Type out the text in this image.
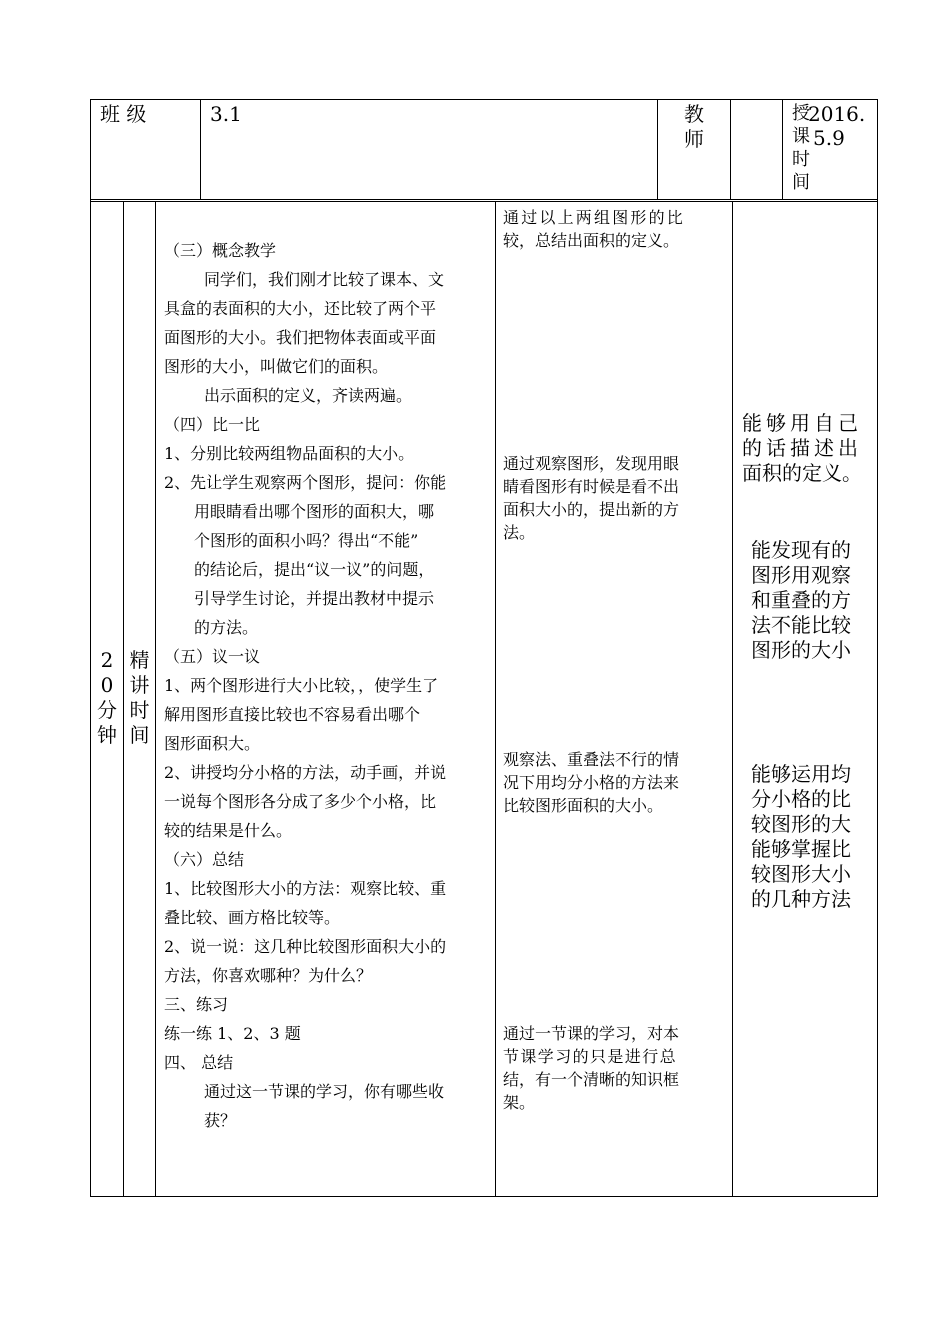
班 级	3.1	教
师
授
课
时
间
2016.
5.9
2
0
分
钟
精
讲
时
间
（三）概念教学
同学们，我们刚才比较了课本、文
具盒的表面积的大小，还比较了两个平
面图形的大小。我们把物体表面或平面
图形的大小，叫做它们的面积。
出示面积的定义，齐读两遍。
（四）比一比
1、分别比较两组物品面积的大小。
2、先让学生观察两个图形，提问：你能
用眼睛看出哪个图形的面积大，哪
个图形的面积小吗？得出“不能”
的结论后，提出“议一议”的问题，
引导学生讨论，并提出教材中提示
的方法。
（五）议一议
1、两个图形进行大小比较，，使学生了
解用图形直接比较也不容易看出哪个
图形面积大。
2、讲授均分小格的方法，动手画，并说
一说每个图形各分成了多少个小格，比
较的结果是什么。
（六）总结
1、比较图形大小的方法：观察比较、重
叠比较、画方格比较等。
2、说一说：这几种比较图形面积大小的
方法，你喜欢哪种？为什么？
三、练习
练一练 1、2、3 题
四、 总结
通过这一节课的学习，你有哪些收
获？
通过以上两组图形的比
较，总结出面积的定义。
通过观察图形，发现用眼
睛看图形有时候是看不出
面积大小的，提出新的方
法。
观察法、重叠法不行的情
况下用均分小格的方法来
比较图形面积的大小。
通过一节课的学习，对本
节课学习的只是进行总
结，有一个清晰的知识框
架。
能够用自己
的话描述出
面积的定义。
能发现有的
图形用观察
和重叠的方
法不能比较
图形的大小
能够运用均
分小格的比
较图形的大
能够掌握比
较图形大小
的几种方法
